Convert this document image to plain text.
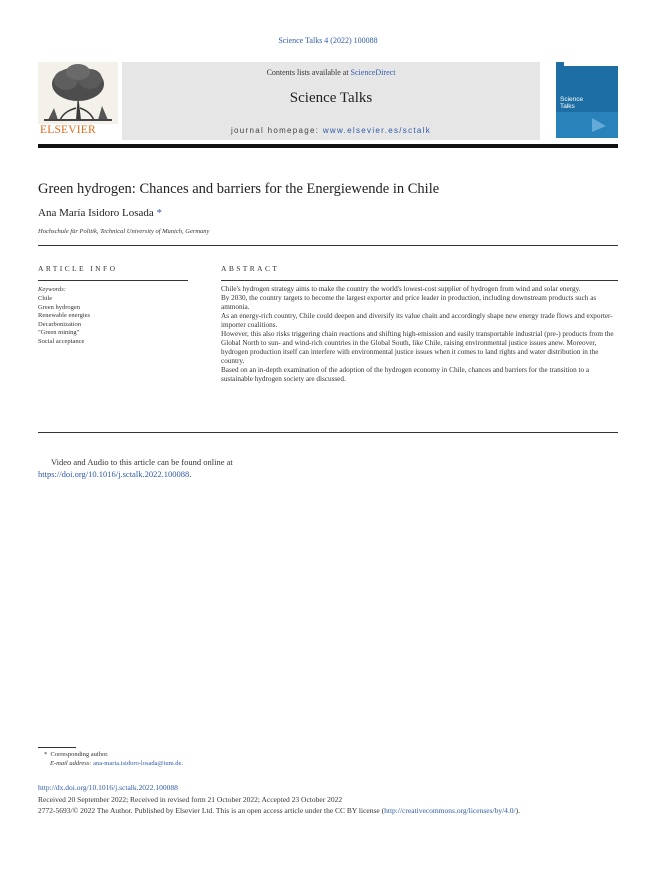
Science Talks 4 (2022) 100088
ELSEVIER
Contents lists available at ScienceDirect
Science Talks
journal homepage: www.elsevier.es/sctalk
Science
Talks
Green hydrogen: Chances and barriers for the Energiewende in Chile
Ana María Isidoro Losada *
Hochschule für Politik, Technical University of Munich, Germany
ARTICLE INFO
Keywords:
Chile
Green hydrogen
Renewable energies
Decarbonization
"Green mining"
Social acceptance
ABSTRACT

Chile's hydrogen strategy aims to make the country the world's lowest-cost supplier of hydrogen from wind and solar energy.

By 2030, the country targets to become the largest exporter and price leader in production, including downstream products such as ammonia.

As an energy-rich country, Chile could deepen and diversify its value chain and accordingly shape new energy trade flows and exporter-importer coalitions.

However, this also risks triggering chain reactions and shifting high-emission and easily transportable industrial (pre-) products from the Global North to sun- and wind-rich countries in the Global South, like Chile, raising environmental justice issues anew. Moreover, hydrogen production itself can interfere with environmental justice issues when it comes to land rights and water distribution in the country.

Based on an in-depth examination of the adoption of the hydrogen economy in Chile, chances and barriers for the transition to a sustainable hydrogen society are discussed.

Video and Audio to this article can be found online at https://doi.org/10.1016/j.sctalk.2022.100088.
* Corresponding author.
E-mail address: ana-maria.isidoro-losada@tum.de.
http://dx.doi.org/10.1016/j.sctalk.2022.100088
Received 20 September 2022; Received in revised form 21 October 2022; Accepted 23 October 2022
2772-5693/© 2022 The Author. Published by Elsevier Ltd. This is an open access article under the CC BY license (http://creativecommons.org/licenses/by/4.0/).
